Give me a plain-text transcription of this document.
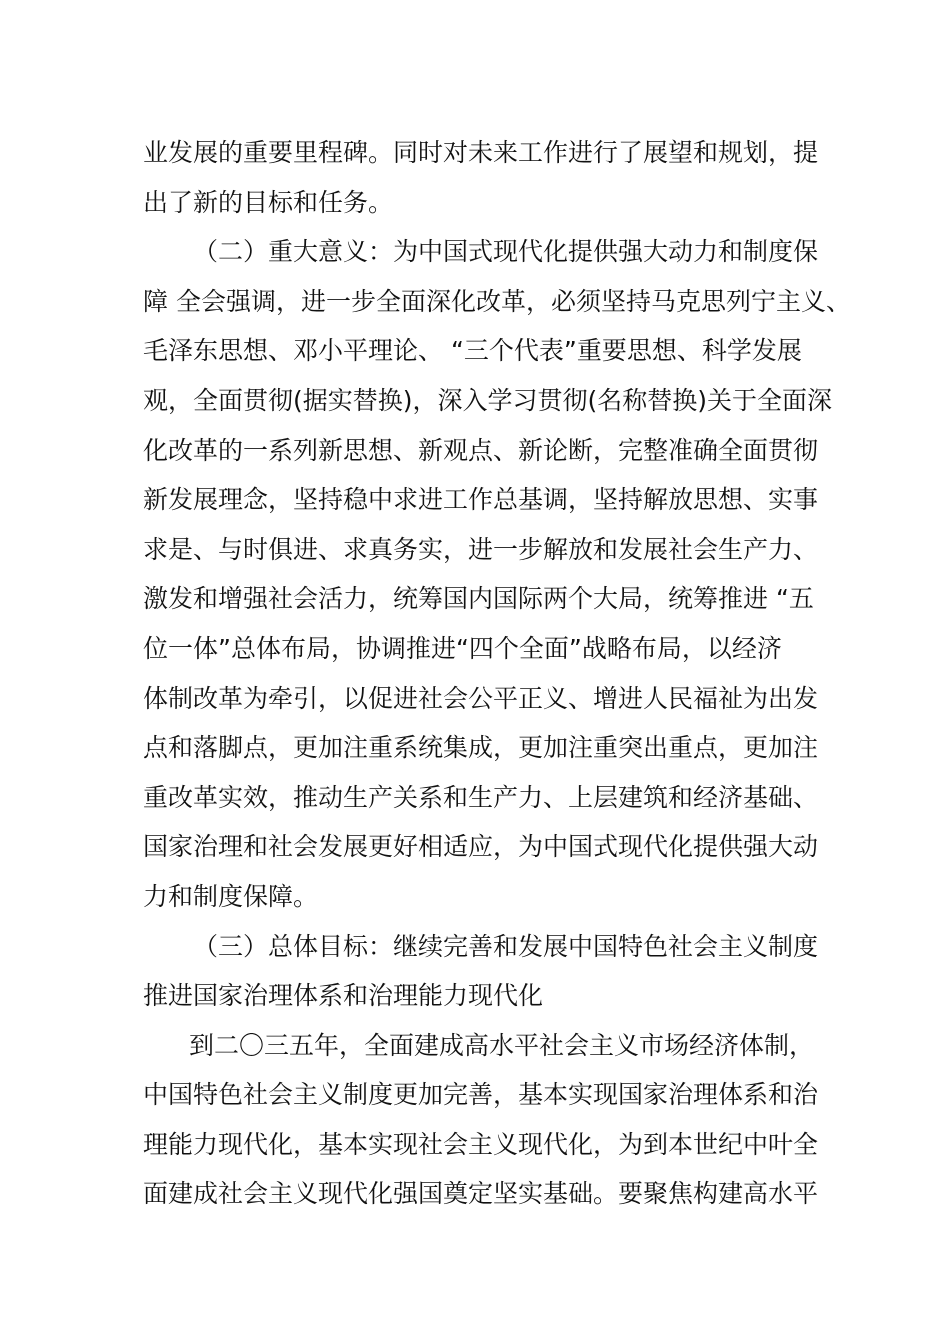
业发展的重要里程碑。同时对未来工作进行了展望和规划，提
出了新的目标和任务。
（二）重大意义：为中国式现代化提供强大动力和制度保
障 全会强调，进一步全面深化改革，必须坚持马克思列宁主义、
毛泽东思想、邓小平理论、 “三个代表”重要思想、科学发展
观，全面贯彻(据实替换)，深入学习贯彻(名称替换)关于全面深
化改革的一系列新思想、新观点、新论断，完整准确全面贯彻
新发展理念，坚持稳中求进工作总基调，坚持解放思想、实事
求是、与时俱进、求真务实，进一步解放和发展社会生产力、
激发和增强社会活力，统筹国内国际两个大局，统筹推进 “五
位一体”总体布局，协调推进“四个全面”战略布局，以经济
体制改革为牵引，以促进社会公平正义、增进人民福祉为出发
点和落脚点，更加注重系统集成，更加注重突出重点，更加注
重改革实效，推动生产关系和生产力、上层建筑和经济基础、
国家治理和社会发展更好相适应，为中国式现代化提供强大动
力和制度保障。
（三）总体目标：继续完善和发展中国特色社会主义制度
推进国家治理体系和治理能力现代化
到二〇三五年，全面建成高水平社会主义市场经济体制，
中国特色社会主义制度更加完善，基本实现国家治理体系和治
理能力现代化，基本实现社会主义现代化，为到本世纪中叶全
面建成社会主义现代化强国奠定坚实基础。要聚焦构建高水平
